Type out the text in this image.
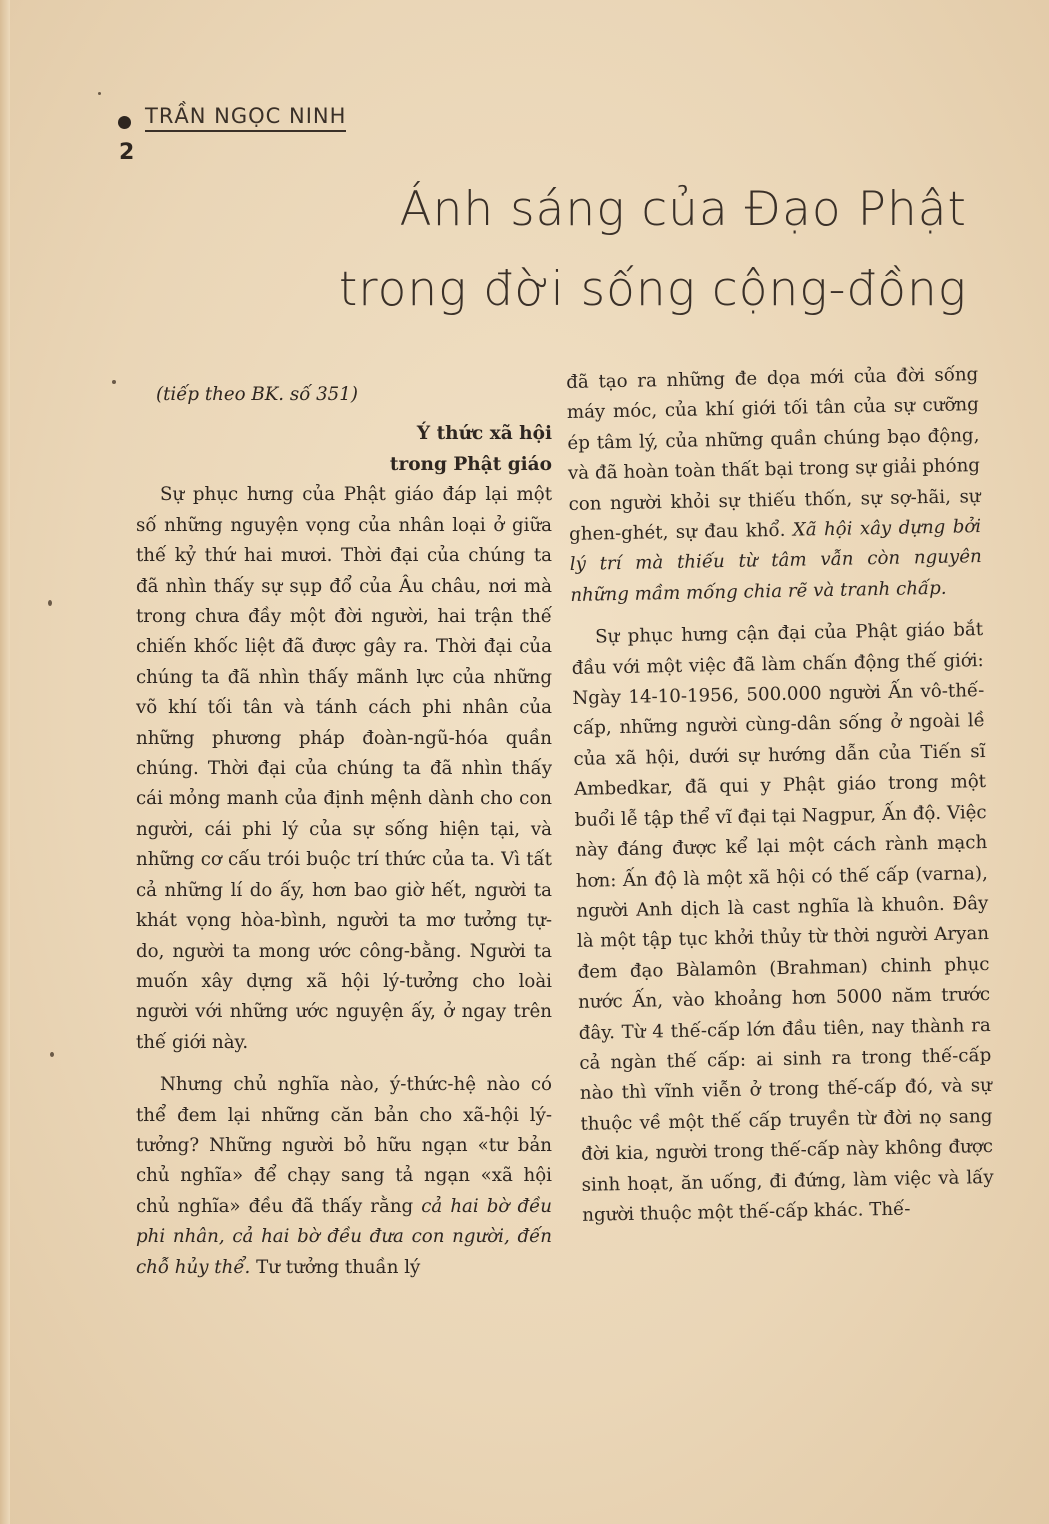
TRẦN NGỌC NINH
2
Ánh sáng của Đạo Phật
trong đời sống cộng-đồng

(tiếp theo BK. số 351)

Ý thức xã hội

trong Phật giáo

Sự phục hưng của Phật giáo đáp lại một số những nguyện vọng của nhân loại ở giữa thế kỷ thứ hai mươi. Thời đại của chúng ta đã nhìn thấy sự sụp đổ của Âu châu, nơi mà trong chưa đầy một đời người, hai trận thế chiến khốc liệt đã được gây ra. Thời đại của chúng ta đã nhìn thấy mãnh lực của những võ khí tối tân và tánh cách phi nhân của những phương pháp đoàn-ngũ-hóa quần chúng. Thời đại của chúng ta đã nhìn thấy cái mỏng manh của định mệnh dành cho con người, cái phi lý của sự sống hiện tại, và những cơ cấu trói buộc trí thức của ta. Vì tất cả những lí do ấy, hơn bao giờ hết, người ta khát vọng hòa-bình, người ta mơ tưởng tự-do, người ta mong ước công-bằng. Người ta muốn xây dựng xã hội lý-tưởng cho loài người với những ước nguyện ấy, ở ngay trên thế giới này.

Nhưng chủ nghĩa nào, ý-thức-hệ nào có thể đem lại những căn bản cho xã-hội lý-tưởng? Những người bỏ hữu ngạn «tư bản chủ nghĩa» để chạy sang tả ngạn «xã hội chủ nghĩa» đều đã thấy rằng cả hai bờ đều phi nhân, cả hai bờ đều đưa con người, đến chỗ hủy thể. Tư tưởng thuần lý

đã tạo ra những đe dọa mới của đời sống máy móc, của khí giới tối tân của sự cưỡng ép tâm lý, của những quần chúng bạo động, và đã hoàn toàn thất bại trong sự giải phóng con người khỏi sự thiếu thốn, sự sợ-hãi, sự ghen-ghét, sự đau khổ. Xã hội xây dựng bởi lý trí mà thiếu từ tâm vẫn còn nguyên những mầm mống chia rẽ và tranh chấp.

Sự phục hưng cận đại của Phật giáo bắt đầu với một việc đã làm chấn động thế giới: Ngày 14-10-1956, 500.000 người Ấn vô-thế-cấp, những người cùng-dân sống ở ngoài lề của xã hội, dưới sự hướng dẫn của Tiến sĩ Ambedkar, đã qui y Phật giáo trong một buổi lễ tập thể vĩ đại tại Nagpur, Ấn độ. Việc này đáng được kể lại một cách rành mạch hơn: Ấn độ là một xã hội có thế cấp (varna), người Anh dịch là cast nghĩa là khuôn. Đây là một tập tục khởi thủy từ thời người Aryan đem đạo Bàlamôn (Brahman) chinh phục nước Ấn, vào khoảng hơn 5000 năm trước đây. Từ 4 thế-cấp lớn đầu tiên, nay thành ra cả ngàn thế cấp: ai sinh ra trong thế-cấp nào thì vĩnh viễn ở trong thế-cấp đó, và sự thuộc về một thế cấp truyền từ đời nọ sang đời kia, người trong thế-cấp này không được sinh hoạt, ăn uống, đi đứng, làm việc và lấy người thuộc một thế-cấp khác. Thế-
